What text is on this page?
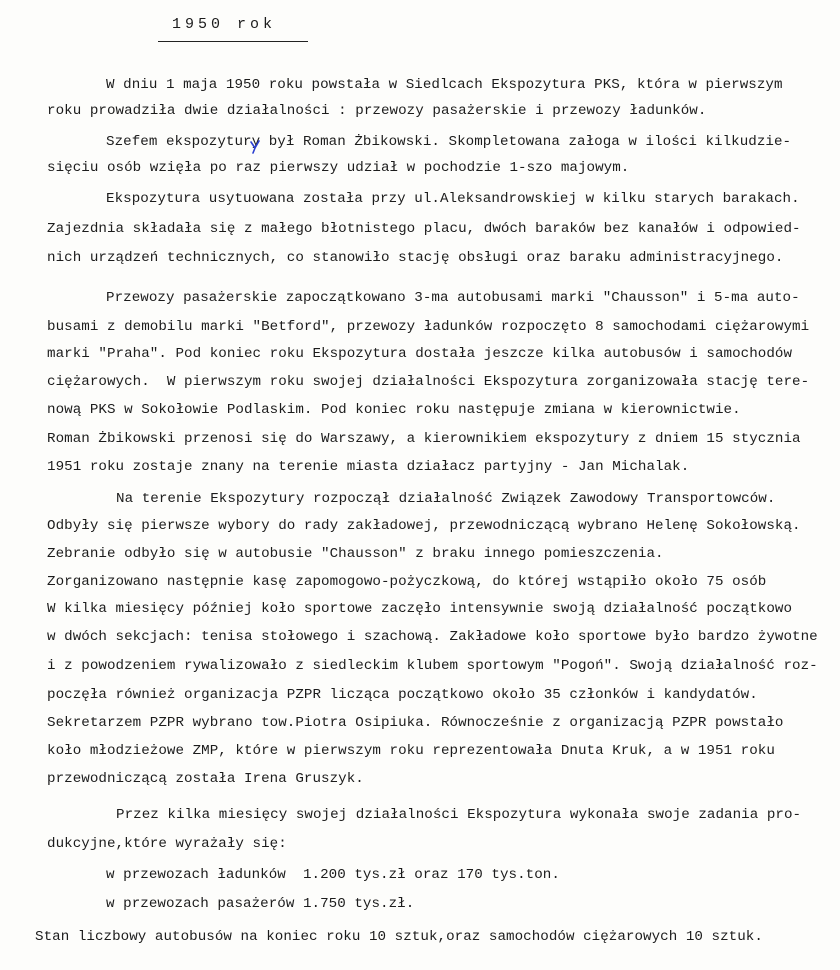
1950 rok

W dniu 1 maja 1950 roku powstała w Siedlcach Ekspozytura PKS, która w pierwszym

roku prowadziła dwie działalności : przewozy pasażerskie i przewozy ładunków.

Szefem ekspozytury był Roman Żbikowski. Skompletowana załoga w ilości kilkudzie-

sięciu osób wzięła po raz pierwszy udział w pochodzie 1-szo majowym.

Ekspozytura usytuowana została przy ul.Aleksandrowskiej w kilku starych barakach.

Zajezdnia składała się z małego błotnistego placu, dwóch baraków bez kanałów i odpowied-

nich urządzeń technicznych, co stanowiło stację obsługi oraz baraku administracyjnego.

Przewozy pasażerskie zapoczątkowano 3-ma autobusami marki "Chausson" i 5-ma auto-

busami z demobilu marki "Betford", przewozy ładunków rozpoczęto 8 samochodami ciężarowymi

marki "Praha". Pod koniec roku Ekspozytura dostała jeszcze kilka autobusów i samochodów

ciężarowych.  W pierwszym roku swojej działalności Ekspozytura zorganizowała stację tere-

nową PKS w Sokołowie Podlaskim. Pod koniec roku następuje zmiana w kierownictwie.

Roman Żbikowski przenosi się do Warszawy, a kierownikiem ekspozytury z dniem 15 stycznia

1951 roku zostaje znany na terenie miasta działacz partyjny - Jan Michalak.

Na terenie Ekspozytury rozpoczął działalność Związek Zawodowy Transportowców.

Odbyły się pierwsze wybory do rady zakładowej, przewodniczącą wybrano Helenę Sokołowską.

Zebranie odbyło się w autobusie "Chausson" z braku innego pomieszczenia.

Zorganizowano następnie kasę zapomogowo-pożyczkową, do której wstąpiło około 75 osób

W kilka miesięcy później koło sportowe zaczęło intensywnie swoją działalność początkowo

w dwóch sekcjach: tenisa stołowego i szachową. Zakładowe koło sportowe było bardzo żywotne

i z powodzeniem rywalizowało z siedleckim klubem sportowym "Pogoń". Swoją działalność roz-

poczęła również organizacja PZPR licząca początkowo około 35 członków i kandydatów.

Sekretarzem PZPR wybrano tow.Piotra Osipiuka. Równocześnie z organizacją PZPR powstało

koło młodzieżowe ZMP, które w pierwszym roku reprezentowała Dnuta Kruk, a w 1951 roku

przewodniczącą została Irena Gruszyk.

Przez kilka miesięcy swojej działalności Ekspozytura wykonała swoje zadania pro-

dukcyjne,które wyrażały się:

w przewozach ładunków  1.200 tys.zł oraz 170 tys.ton.

w przewozach pasażerów 1.750 tys.zł.

Stan liczbowy autobusów na koniec roku 10 sztuk,oraz samochodów ciężarowych 10 sztuk.
